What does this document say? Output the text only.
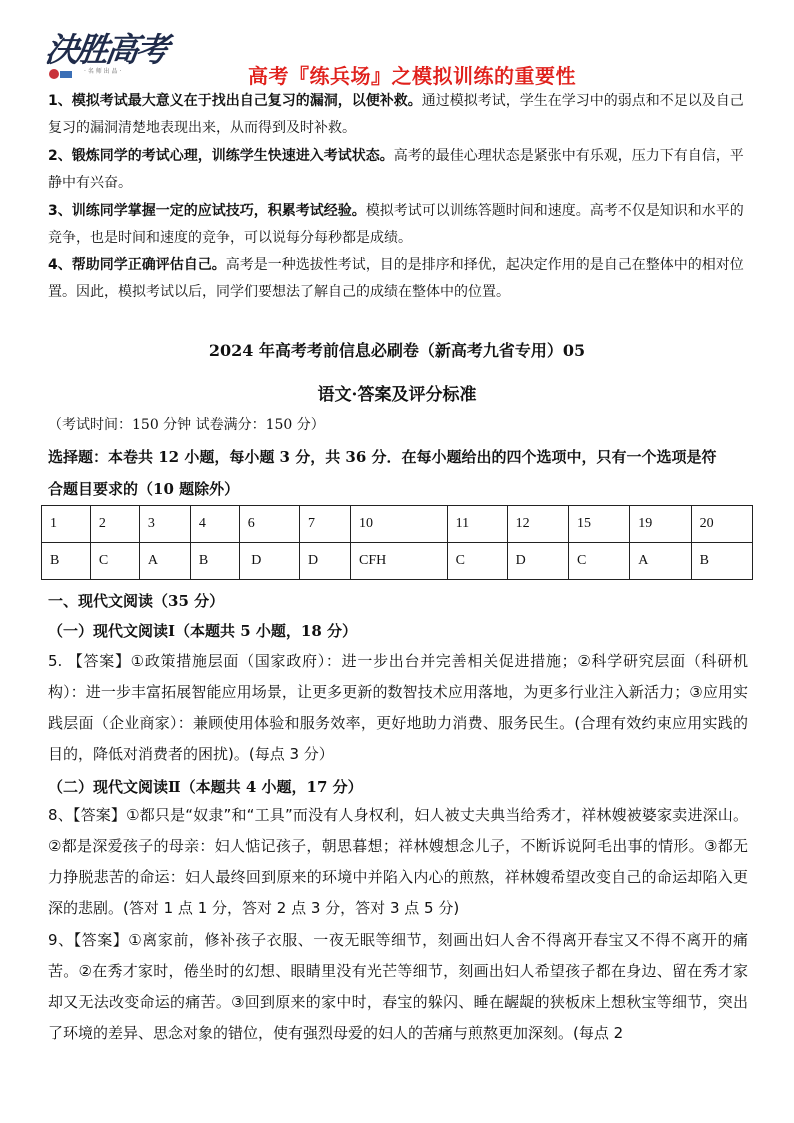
決胜高考
· 名 师 出 品 ·	高考『练兵场』之模拟训练的重要性
1、模拟考试最大意义在于找出自己复习的漏洞，以便补救。通过模拟考试，学生在学习中的弱点和不足以及自己复习的漏洞清楚地表现出来，从而得到及时补救。
2、锻炼同学的考试心理，训练学生快速进入考试状态。高考的最佳心理状态是紧张中有乐观，压力下有自信，平静中有兴奋。
3、训练同学掌握一定的应试技巧，积累考试经验。模拟考试可以训练答题时间和速度。高考不仅是知识和水平的竞争，也是时间和速度的竞争，可以说每分每秒都是成绩。
4、帮助同学正确评估自己。高考是一种选拔性考试，目的是排序和择优，起决定作用的是自己在整体中的相对位置。因此，模拟考试以后，同学们要想法了解自己的成绩在整体中的位置。
2024 年高考考前信息必刷卷（新高考九省专用）05
语文·答案及评分标准
（考试时间：150 分钟 试卷满分：150 分）
选择题：本卷共 12 小题，每小题 3 分，共 36 分．在每小题给出的四个选项中，只有一个选项是符
合题目要求的（10 题除外）
1	2	3	4	6	7	10	11	12	15	19	20
B	C	A	B	D	D	CFH	C	D	C	A	B
一、现代文阅读（35 分）
（一）现代文阅读Ⅰ（本题共 5 小题，18 分）
5. 【答案】①政策措施层面（国家政府）：进一步出台并完善相关促进措施；②科学研究层面（科研机构）：进一步丰富拓展智能应用场景，让更多更新的数智技术应用落地，为更多行业注入新活力；③应用实践层面（企业商家）：兼顾使用体验和服务效率，更好地助力消费、服务民生。(合理有效约束应用实践的目的，降低对消费者的困扰)。(每点 3 分）
（二）现代文阅读Ⅱ（本题共 4 小题，17 分）
8、【答案】①都只是“奴隶”和“工具”而没有人身权利，妇人被丈夫典当给秀才，祥林嫂被婆家卖进深山。②都是深爱孩子的母亲：妇人惦记孩子，朝思暮想；祥林嫂想念儿子，不断诉说阿毛出事的情形。③都无力挣脱悲苦的命运：妇人最终回到原来的环境中并陷入内心的煎熬，祥林嫂希望改变自己的命运却陷入更深的悲剧。(答对 1 点 1 分，答对 2 点 3 分，答对 3 点 5 分)
9、【答案】①离家前，修补孩子衣服、一夜无眠等细节，刻画出妇人舍不得离开春宝又不得不离开的痛苦。②在秀才家时，倦坐时的幻想、眼睛里没有光芒等细节，刻画出妇人希望孩子都在身边、留在秀才家却又无法改变命运的痛苦。③回到原来的家中时，春宝的躲闪、睡在龌龊的狭板床上想秋宝等细节，突出了环境的差异、思念对象的错位，使有强烈母爱的妇人的苦痛与煎熬更加深刻。(每点 2
